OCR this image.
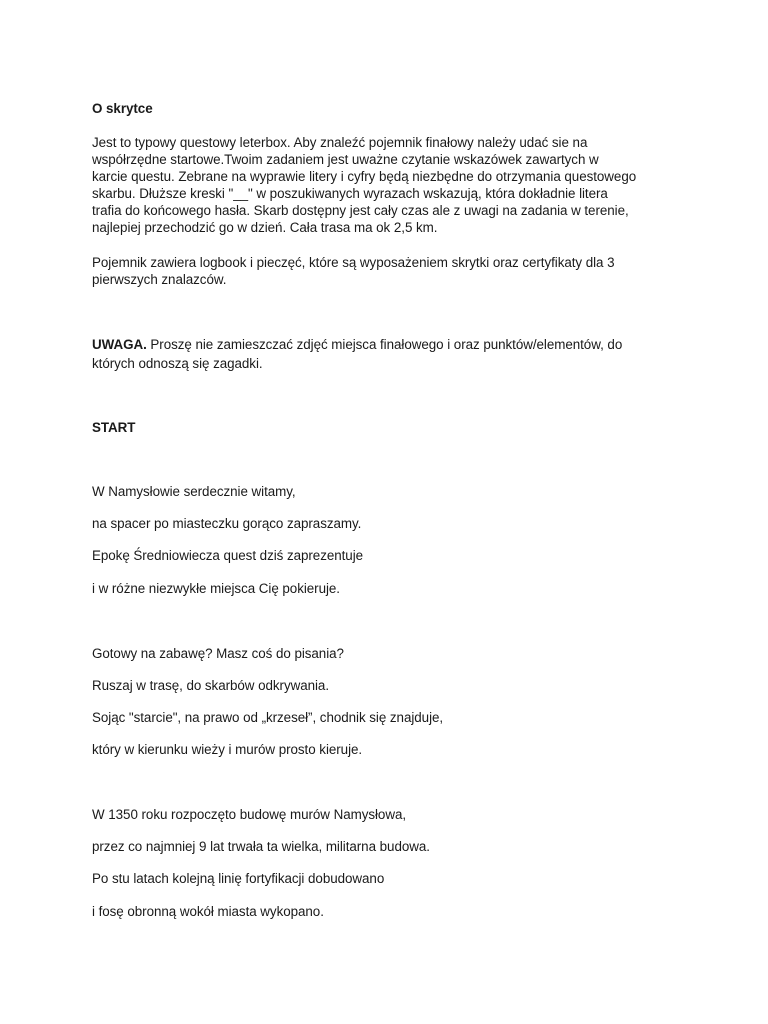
O skrytce

Jest to typowy questowy leterbox. Aby znaleźć pojemnik finałowy należy udać sie na

współrzędne startowe.Twoim zadaniem jest uważne czytanie wskazówek zawartych w

karcie questu. Zebrane na wyprawie litery i cyfry będą niezbędne do otrzymania questowego

skarbu. Dłuższe kreski "__" w poszukiwanych wyrazach wskazują, która dokładnie litera

trafia do końcowego hasła. Skarb dostępny jest cały czas ale z uwagi na zadania w terenie,

najlepiej przechodzić go w dzień. Cała trasa ma ok 2,5 km.

Pojemnik zawiera logbook i pieczęć, które są wyposażeniem skrytki oraz certyfikaty dla 3

pierwszych znalazców.

UWAGA. Proszę nie zamieszczać zdjęć miejsca finałowego i oraz punktów/elementów, do

których odnoszą się zagadki.

START

W Namysłowie serdecznie witamy,

na spacer po miasteczku gorąco zapraszamy.

Epokę Średniowiecza quest dziś zaprezentuje

i w różne niezwykłe miejsca Cię pokieruje.

Gotowy na zabawę? Masz coś do pisania?

Ruszaj w trasę, do skarbów odkrywania.

Sojąc "starcie", na prawo od „krzeseł”, chodnik się znajduje,

który w kierunku wieży i murów prosto kieruje.

W 1350 roku rozpoczęto budowę murów Namysłowa,

przez co najmniej 9 lat trwała ta wielka, militarna budowa.

Po stu latach kolejną linię fortyfikacji dobudowano

i fosę obronną wokół miasta wykopano.
